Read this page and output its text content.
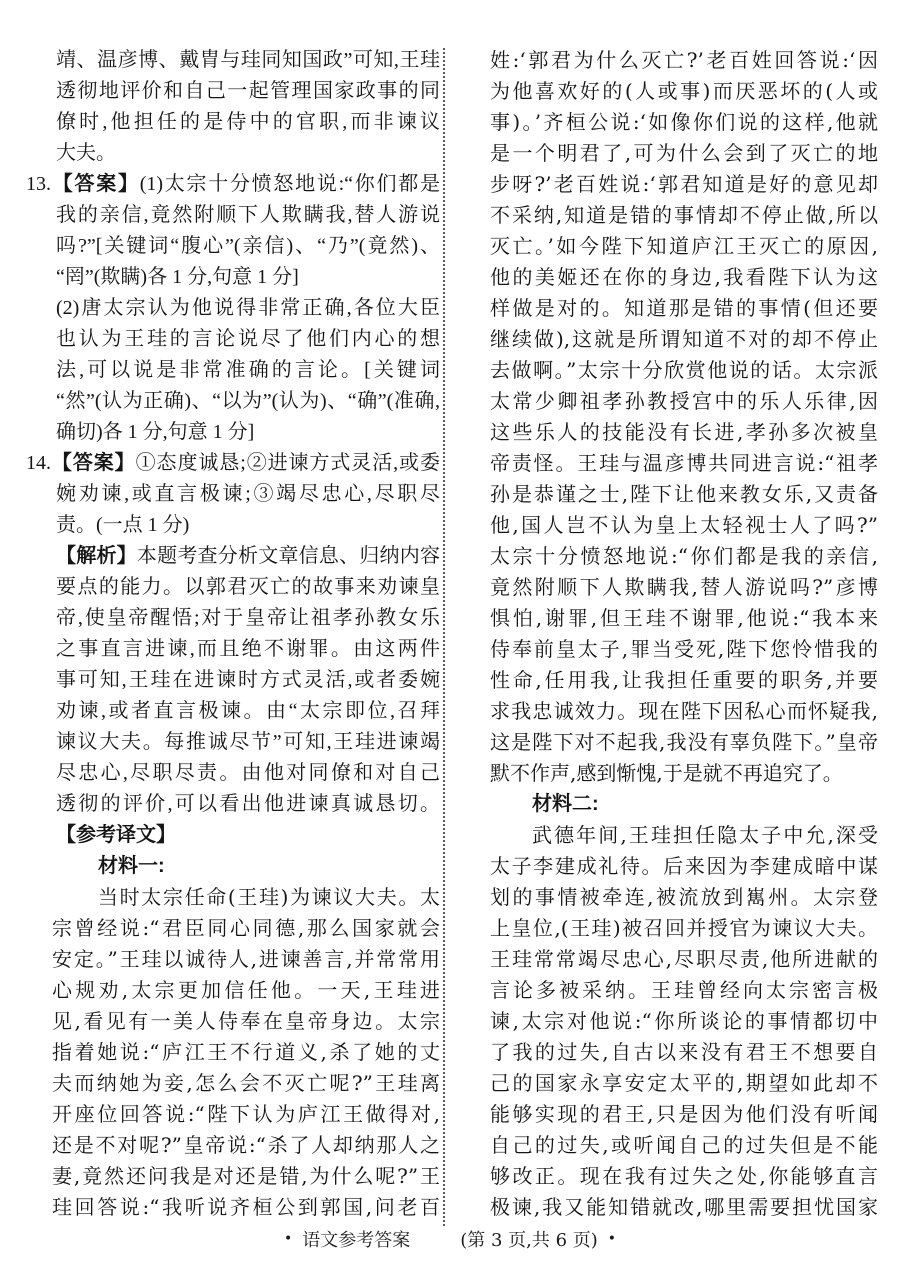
靖、温彦博、戴胄与珪同知国政”可知,王珪
透彻地评价和自己一起管理国家政事的同
僚时,他担任的是侍中的官职,而非谏议
大夫。
13.【答案】(1)太宗十分愤怒地说:“你们都是
我的亲信,竟然附顺下人欺瞒我,替人游说
吗?”[关键词“腹心”(亲信)、“乃”(竟然)、
“罔”(欺瞒)各 1 分,句意 1 分]
(2)唐太宗认为他说得非常正确,各位大臣
也认为王珪的言论说尽了他们内心的想
法,可以说是非常准确的言论。[关键词
“然”(认为正确)、“以为”(认为)、“确”(准确,
确切)各 1 分,句意 1 分]
14.【答案】①态度诚恳;②进谏方式灵活,或委
婉劝谏,或直言极谏;③竭尽忠心,尽职尽
责。(一点 1 分)
【解析】本题考查分析文章信息、归纳内容
要点的能力。以郭君灭亡的故事来劝谏皇
帝,使皇帝醒悟;对于皇帝让祖孝孙教女乐
之事直言进谏,而且绝不谢罪。由这两件
事可知,王珪在进谏时方式灵活,或者委婉
劝谏,或者直言极谏。由“太宗即位,召拜
谏议大夫。每推诚尽节”可知,王珪进谏竭
尽忠心,尽职尽责。由他对同僚和对自己
透彻的评价,可以看出他进谏真诚恳切。
【参考译文】
材料一:
当时太宗任命(王珪)为谏议大夫。太
宗曾经说:“君臣同心同德,那么国家就会
安定。”王珪以诚待人,进谏善言,并常常用
心规劝,太宗更加信任他。一天,王珪进
见,看见有一美人侍奉在皇帝身边。太宗
指着她说:“庐江王不行道义,杀了她的丈
夫而纳她为妾,怎么会不灭亡呢?”王珪离
开座位回答说:“陛下认为庐江王做得对,
还是不对呢?”皇帝说:“杀了人却纳那人之
妻,竟然还问我是对还是错,为什么呢?”王
珪回答说:“我听说齐桓公到郭国,问老百
姓:‘郭君为什么灭亡?’老百姓回答说:‘因
为他喜欢好的(人或事)而厌恶坏的(人或
事)。’齐桓公说:‘如像你们说的这样,他就
是一个明君了,可为什么会到了灭亡的地
步呀?’老百姓说:‘郭君知道是好的意见却
不采纳,知道是错的事情却不停止做,所以
灭亡。’如今陛下知道庐江王灭亡的原因,
他的美姬还在你的身边,我看陛下认为这
样做是对的。知道那是错的事情(但还要
继续做),这就是所谓知道不对的却不停止
去做啊。”太宗十分欣赏他说的话。太宗派
太常少卿祖孝孙教授宫中的乐人乐律,因
这些乐人的技能没有长进,孝孙多次被皇
帝责怪。王珪与温彦博共同进言说:“祖孝
孙是恭谨之士,陛下让他来教女乐,又责备
他,国人岂不认为皇上太轻视士人了吗?”
太宗十分愤怒地说:“你们都是我的亲信,
竟然附顺下人欺瞒我,替人游说吗?”彦博
惧怕,谢罪,但王珪不谢罪,他说:“我本来
侍奉前皇太子,罪当受死,陛下您怜惜我的
性命,任用我,让我担任重要的职务,并要
求我忠诚效力。现在陛下因私心而怀疑我,
这是陛下对不起我,我没有辜负陛下。”皇帝
默不作声,感到惭愧,于是就不再追究了。
材料二:
武德年间,王珪担任隐太子中允,深受
太子李建成礼待。后来因为李建成暗中谋
划的事情被牵连,被流放到嶲州。太宗登
上皇位,(王珪)被召回并授官为谏议大夫。
王珪常常竭尽忠心,尽职尽责,他所进献的
言论多被采纳。王珪曾经向太宗密言极
谏,太宗对他说:“你所谈论的事情都切中
了我的过失,自古以来没有君王不想要自
己的国家永享安定太平的,期望如此却不
能够实现的君王,只是因为他们没有听闻
自己的过失,或听闻自己的过失但是不能
够改正。现在我有过失之处,你能够直言
极谏,我又能知错就改,哪里需要担忧国家
• 语文参考答案	(第 3 页,共 6 页) •
